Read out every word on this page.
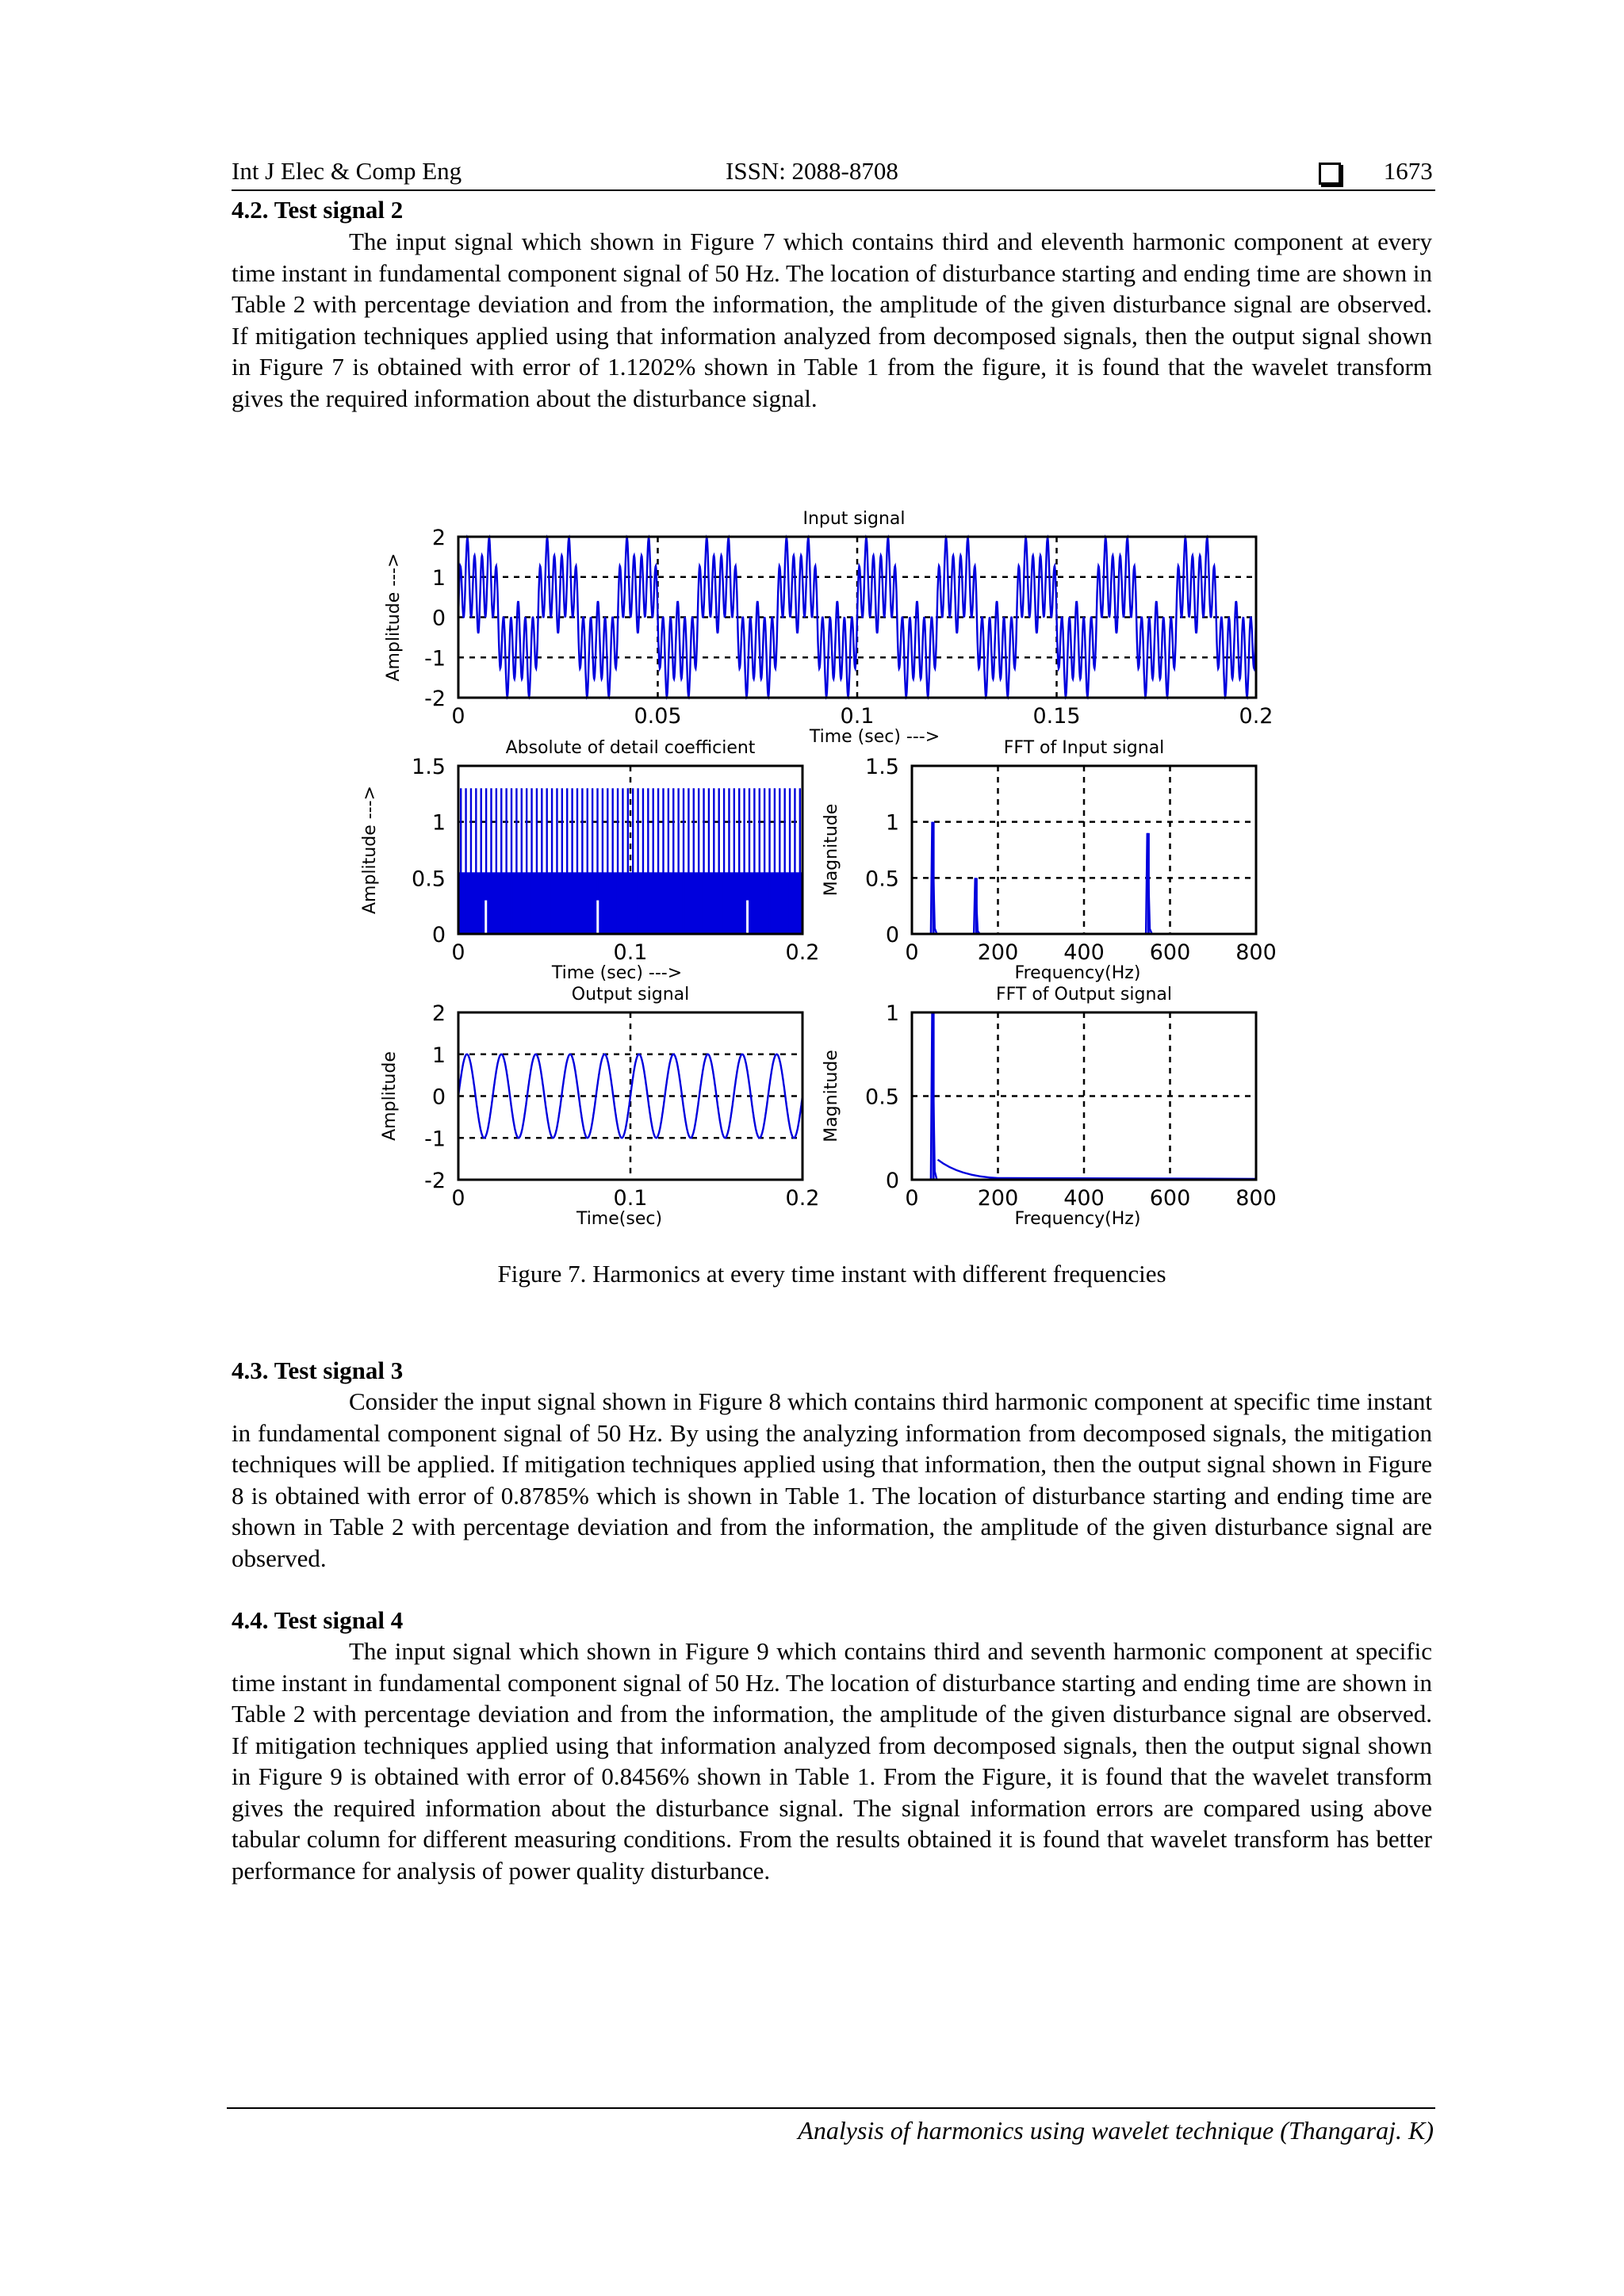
Int J Elec & Comp Eng	ISSN: 2088-8708	1673
4.2. Test signal 2

The input signal which shown in Figure 7 which contains third and eleventh harmonic component at every time instant in fundamental component signal of 50 Hz. The location of disturbance starting and ending time are shown in Table 2 with percentage deviation and from the information, the amplitude of the given disturbance signal are observed. If mitigation techniques applied using that information analyzed from decomposed signals, then the output signal shown in Figure 7 is obtained with error of 1.1202% shown in Table 1 from the figure, it is found that the wavelet transform gives the required information about the disturbance signal.

0	0.05	0.1	0.15	0.2
2
1
0
-1
-2
Input signal
Time (sec) --->
Amplitude --->
0	0.1	0.2
1.5
1
0.5
0
Absolute of detail coefficient
Time (sec) --->
Amplitude --->
0	200 400 600 800
1.5
1
0.5
0
FFT of Input signal
Frequency(Hz)
Magnitude
0	0.1	0.2
2
1
0
-1
-2
Output signal
Time(sec)
Amplitude
0	200 400 600 800
1
0.5
0
FFT of Output signal
Frequency(Hz)
Magnitude
Figure 7. Harmonics at every time instant with different frequencies
4.3. Test signal 3

Consider the input signal shown in Figure 8 which contains third harmonic component at specific time instant in fundamental component signal of 50 Hz. By using the analyzing information from decomposed signals, the mitigation techniques will be applied. If mitigation techniques applied using that information, then the output signal shown in Figure 8 is obtained with error of 0.8785% which is shown in Table 1. The location of disturbance starting and ending time are shown in Table 2 with percentage deviation and from the information, the amplitude of the given disturbance signal are observed.

4.4. Test signal 4

The input signal which shown in Figure 9 which contains third and seventh harmonic component at specific time instant in fundamental component signal of 50 Hz. The location of disturbance starting and ending time are shown in Table 2 with percentage deviation and from the information, the amplitude of the given disturbance signal are observed. If mitigation techniques applied using that information analyzed from decomposed signals, then the output signal shown in Figure 9 is obtained with error of 0.8456% shown in Table 1. From the Figure, it is found that the wavelet transform gives the required information about the disturbance signal. The signal information errors are compared using above tabular column for different measuring conditions. From the results obtained it is found that wavelet transform has better performance for analysis of power quality disturbance.

Analysis of harmonics using wavelet technique (Thangaraj. K)
